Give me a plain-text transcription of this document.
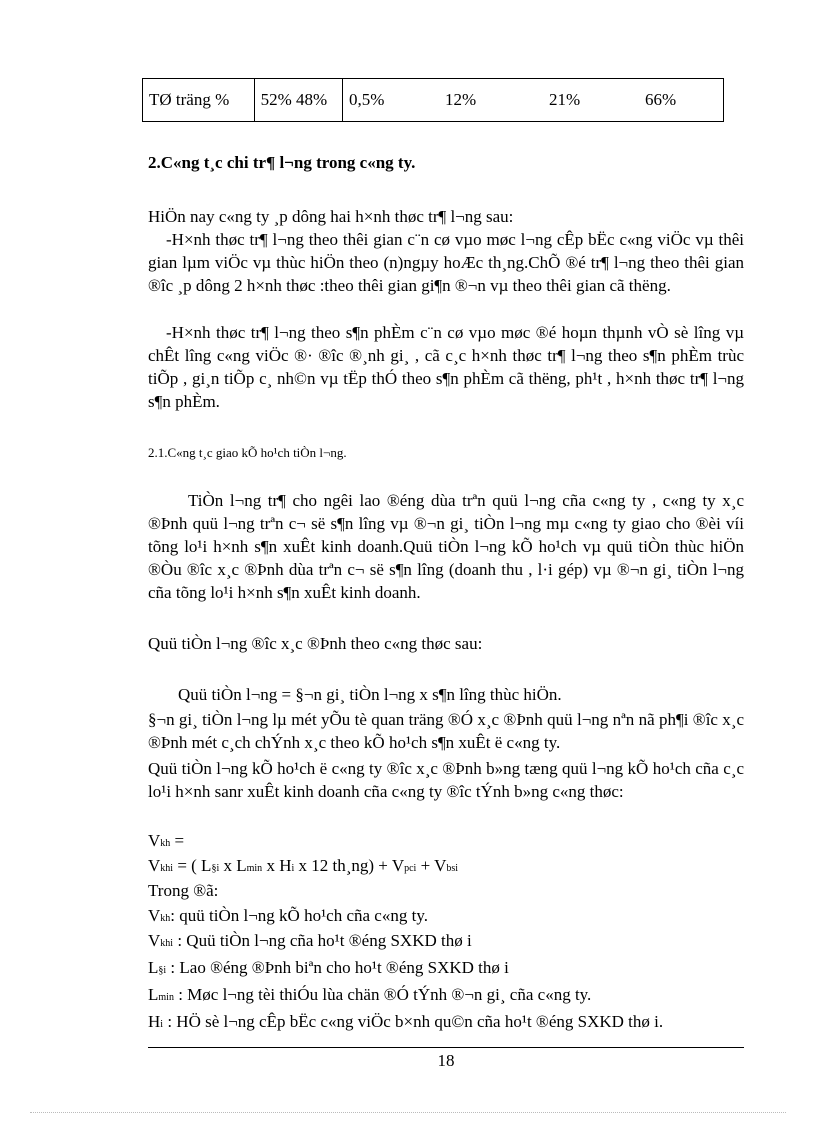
TØ träng %	52% 48%	0,5%	12%	21%	66%
2.C«ng t¸c chi tr¶ l¬ng trong c«ng ty.
HiÖn nay c«ng ty ¸p dông hai h×nh thøc tr¶ l¬ng sau:
-H×nh thøc tr¶ l¬ng theo thêi gian c¨n cø vµo møc l¬ng cÊp bËc c«ng viÖc vµ thêi gian lµm viÖc vµ thùc hiÖn theo (n)ngµy hoÆc th¸ng.ChÕ ®é tr¶ l¬ng theo thêi gian ®îc ¸p dông 2 h×nh thøc :theo thêi gian gi¶n ®¬n vµ theo thêi gian cã thëng.
-H×nh thøc tr¶ l¬ng theo s¶n phÈm c¨n cø vµo møc ®é hoµn thµnh vÒ sè lîng vµ chÊt lîng c«ng viÖc ®· ®îc ®¸nh gi¸ , cã c¸c h×nh thøc tr¶ l¬ng theo s¶n phÈm trùc tiÕp , gi¸n tiÕp c¸ nh©n vµ tËp thÓ theo s¶n phÈm cã thëng, ph¹t , h×nh thøc tr¶ l¬ng s¶n phÈm.
2.1.C«ng t¸c giao kÕ ho¹ch tiÒn l¬ng.
TiÒn l¬ng tr¶ cho ngêi lao ®éng dùa trªn quü l¬ng cña c«ng ty , c«ng ty x¸c ®Þnh quü l¬ng trªn c¬ së s¶n lîng vµ ®¬n gi¸ tiÒn l¬ng mµ c«ng ty giao cho ®èi víi tõng lo¹i h×nh s¶n xuÊt kinh doanh.Quü tiÒn l¬ng kÕ ho¹ch vµ quü tiÒn thùc hiÖn ®Òu ®îc x¸c ®Þnh dùa trªn c¬ së s¶n lîng (doanh thu , l·i gép) vµ ®¬n gi¸ tiÒn l¬ng cña tõng lo¹i h×nh s¶n xuÊt kinh doanh.
Quü tiÒn l¬ng ®îc x¸c ®Þnh theo c«ng thøc sau:
Quü tiÒn l¬ng = §¬n gi¸ tiÒn l¬ng x s¶n lîng thùc hiÖn.
§¬n gi¸ tiÒn l¬ng lµ mét yÕu tè quan träng ®Ó x¸c ®Þnh quü l¬ng nªn nã ph¶i ®îc x¸c ®Þnh mét c¸ch chÝnh x¸c theo kÕ ho¹ch s¶n xuÊt ë c«ng ty.
Quü tiÒn l¬ng kÕ ho¹ch ë c«ng ty ®îc x¸c ®Þnh b»ng tæng quü l¬ng kÕ ho¹ch cña c¸c lo¹i h×nh sanr xuÊt kinh doanh cña c«ng ty ®îc tÝnh b»ng c«ng thøc:
Vkh =
Vkhi = ( L§i x Lmin x Hi x 12 th¸ng) + Vpci + Vbsi
Trong ®ã:
Vkh: quü tiÒn l¬ng kÕ ho¹ch cña c«ng ty.
Vkhi : Quü tiÒn l¬ng cña ho¹t ®éng SXKD thø i
L§i : Lao ®éng ®Þnh biªn cho ho¹t ®éng SXKD thø i
Lmin : Møc l¬ng tèi thiÓu lùa chän ®Ó tÝnh ®¬n gi¸ cña c«ng ty.
Hi : HÖ sè l¬ng cÊp bËc c«ng viÖc b×nh qu©n cña ho¹t ®éng SXKD thø i.
18
